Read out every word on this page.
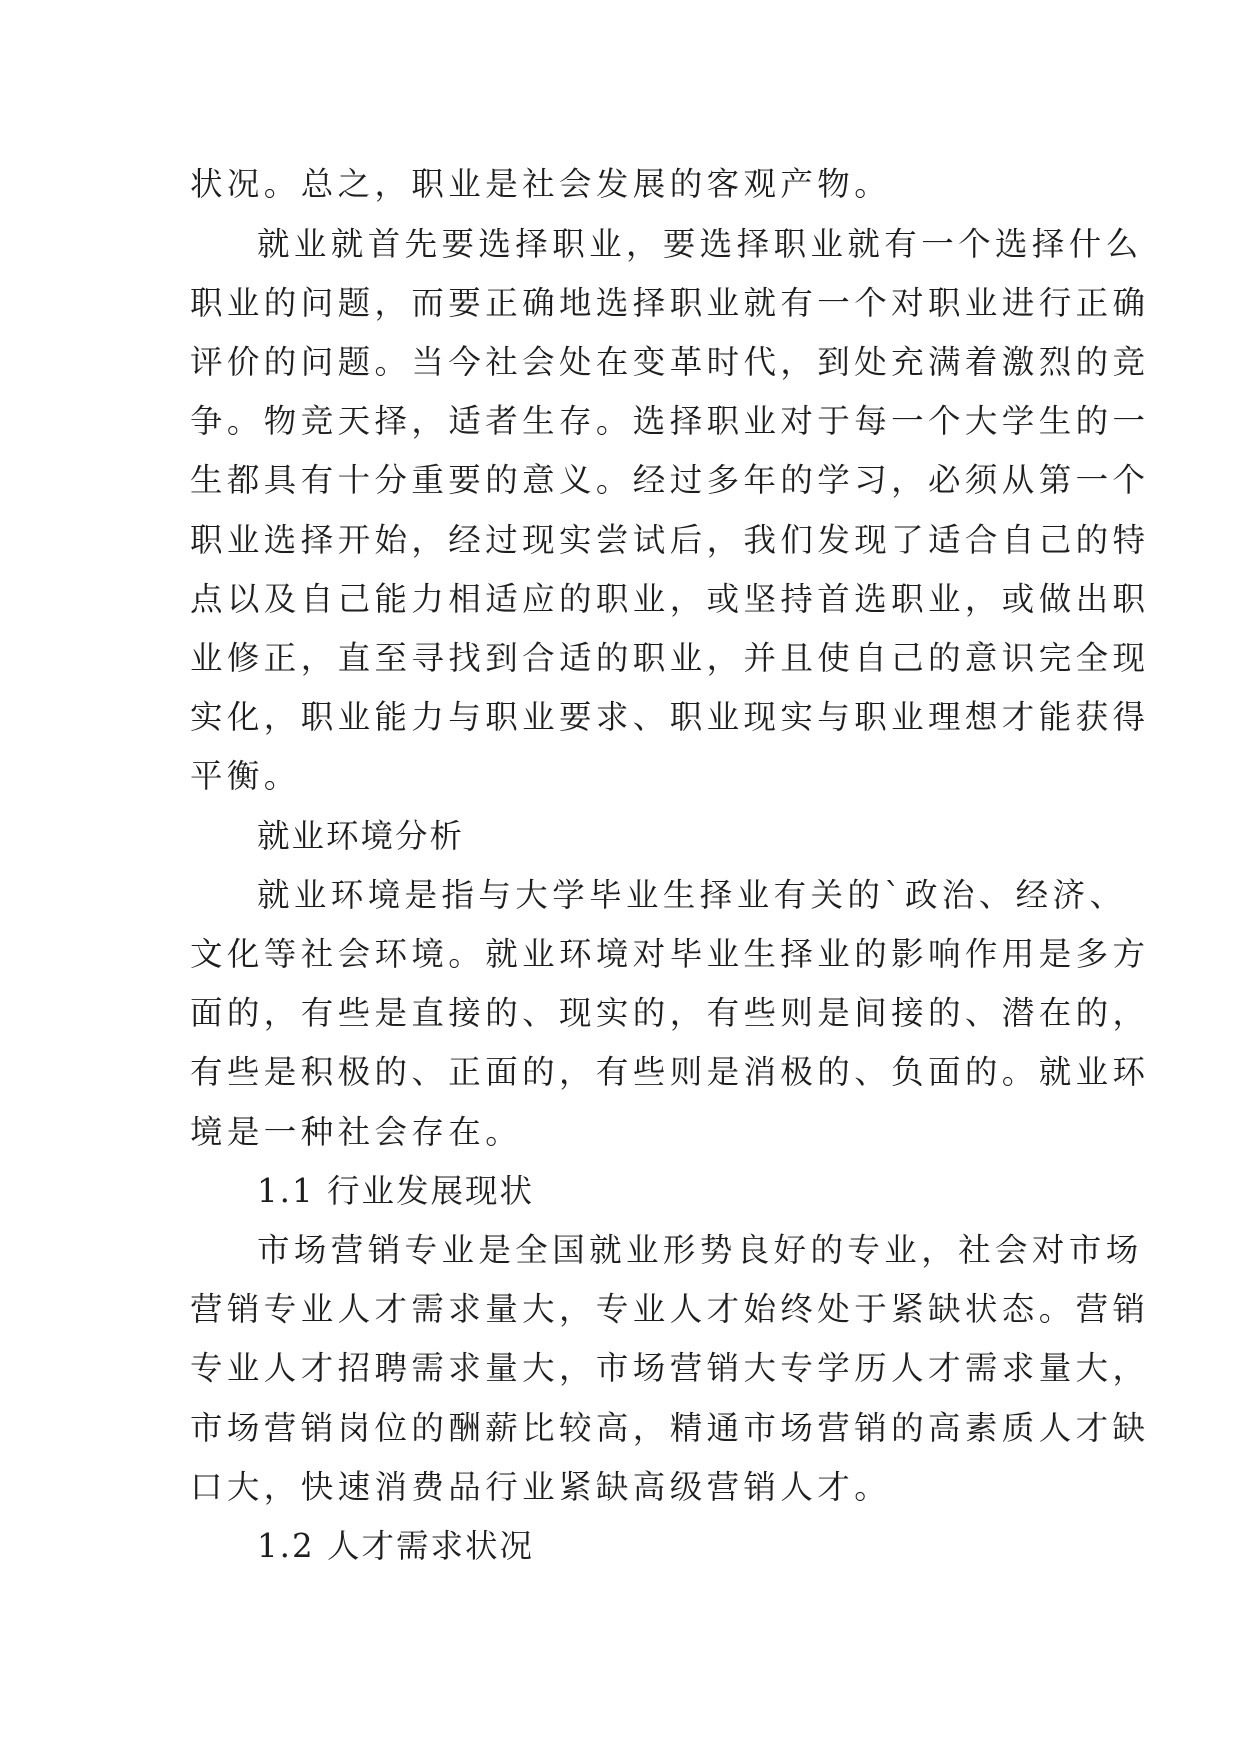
状况。总之，职业是社会发展的客观产物。
就业就首先要选择职业，要选择职业就有一个选择什么
职业的问题，而要正确地选择职业就有一个对职业进行正确
评价的问题。当今社会处在变革时代，到处充满着激烈的竞
争。物竞天择，适者生存。选择职业对于每一个大学生的一
生都具有十分重要的意义。经过多年的学习，必须从第一个
职业选择开始，经过现实尝试后，我们发现了适合自己的特
点以及自己能力相适应的职业，或坚持首选职业，或做出职
业修正，直至寻找到合适的职业，并且使自己的意识完全现
实化，职业能力与职业要求、职业现实与职业理想才能获得
平衡。
就业环境分析
就业环境是指与大学毕业生择业有关的`政治、经济、
文化等社会环境。就业环境对毕业生择业的影响作用是多方
面的，有些是直接的、现实的，有些则是间接的、潜在的，
有些是积极的、正面的，有些则是消极的、负面的。就业环
境是一种社会存在。
1.1 行业发展现状
市场营销专业是全国就业形势良好的专业，社会对市场
营销专业人才需求量大，专业人才始终处于紧缺状态。营销
专业人才招聘需求量大，市场营销大专学历人才需求量大，
市场营销岗位的酬薪比较高，精通市场营销的高素质人才缺
口大，快速消费品行业紧缺高级营销人才。
1.2 人才需求状况
